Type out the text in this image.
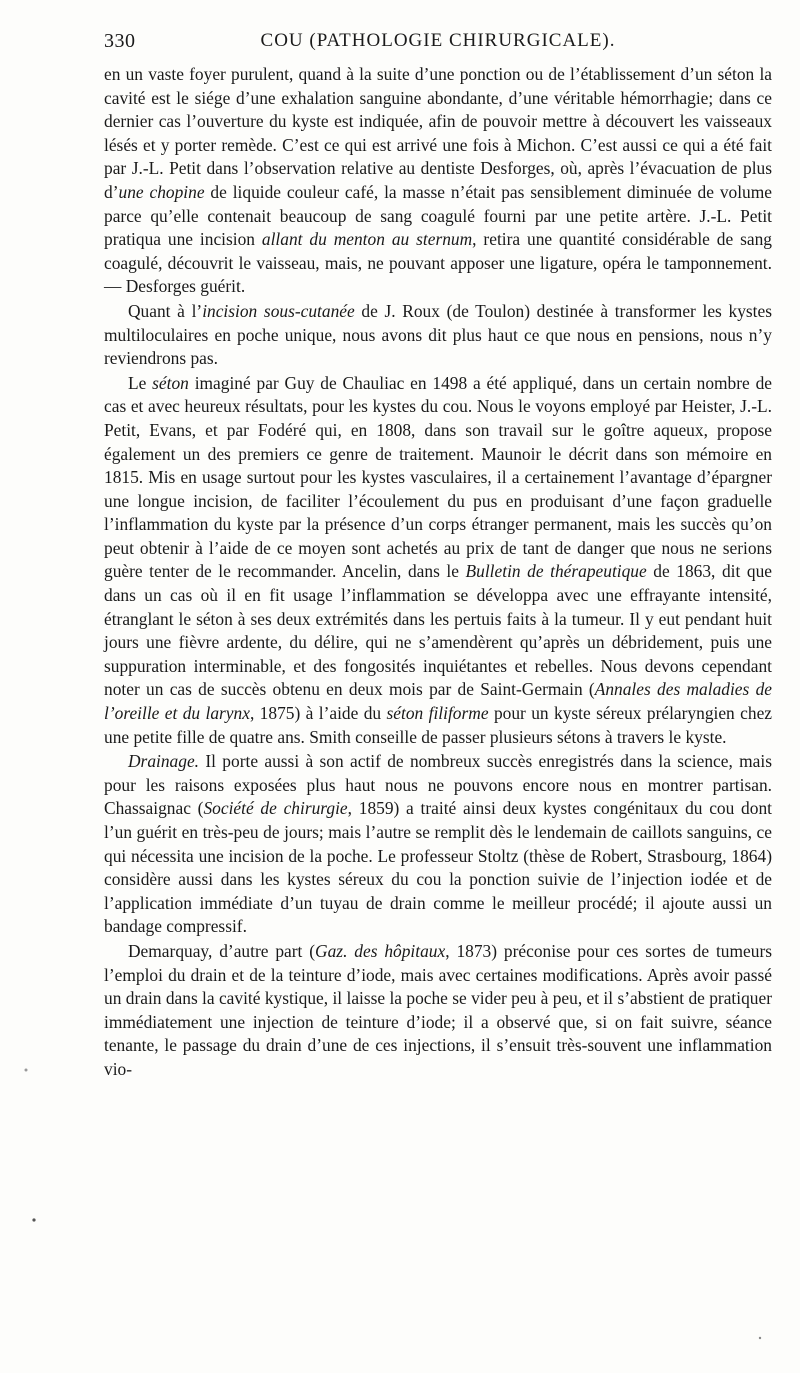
330	COU (PATHOLOGIE CHIRURGICALE).

en un vaste foyer purulent, quand à la suite d’une ponction ou de l’établissement d’un séton la cavité est le siége d’une exhalation sanguine abondante, d’une véritable hémorrhagie; dans ce dernier cas l’ouverture du kyste est indiquée, afin de pouvoir mettre à découvert les vaisseaux lésés et y porter remède. C’est ce qui est arrivé une fois à Michon. C’est aussi ce qui a été fait par J.-L. Petit dans l’observation relative au dentiste Desforges, où, après l’évacuation de plus d’une chopine de liquide couleur café, la masse n’était pas sensiblement diminuée de volume parce qu’elle contenait beaucoup de sang coagulé fourni par une petite artère. J.-L. Petit pratiqua une incision allant du menton au sternum, retira une quantité considérable de sang coagulé, découvrit le vaisseau, mais, ne pouvant apposer une ligature, opéra le tamponnement. — Desforges guérit.

Quant à l’incision sous-cutanée de J. Roux (de Toulon) destinée à transformer les kystes multiloculaires en poche unique, nous avons dit plus haut ce que nous en pensions, nous n’y reviendrons pas.

Le séton imaginé par Guy de Chauliac en 1498 a été appliqué, dans un certain nombre de cas et avec heureux résultats, pour les kystes du cou. Nous le voyons employé par Heister, J.-L. Petit, Evans, et par Fodéré qui, en 1808, dans son travail sur le goître aqueux, propose également un des premiers ce genre de traitement. Maunoir le décrit dans son mémoire en 1815. Mis en usage surtout pour les kystes vasculaires, il a certainement l’avantage d’épargner une longue incision, de faciliter l’écoulement du pus en produisant d’une façon graduelle l’inflammation du kyste par la présence d’un corps étranger permanent, mais les succès qu’on peut obtenir à l’aide de ce moyen sont achetés au prix de tant de danger que nous ne serions guère tenter de le recommander. Ancelin, dans le Bulletin de thérapeutique de 1863, dit que dans un cas où il en fit usage l’inflammation se développa avec une effrayante intensité, étranglant le séton à ses deux extrémités dans les pertuis faits à la tumeur. Il y eut pendant huit jours une fièvre ardente, du délire, qui ne s’amendèrent qu’après un débridement, puis une suppuration interminable, et des fongosités inquiétantes et rebelles. Nous devons cependant noter un cas de succès obtenu en deux mois par de Saint-Germain (Annales des maladies de l’oreille et du larynx, 1875) à l’aide du séton filiforme pour un kyste séreux prélaryngien chez une petite fille de quatre ans. Smith conseille de passer plusieurs sétons à travers le kyste.

Drainage. Il porte aussi à son actif de nombreux succès enregistrés dans la science, mais pour les raisons exposées plus haut nous ne pouvons encore nous en montrer partisan. Chassaignac (Société de chirurgie, 1859) a traité ainsi deux kystes congénitaux du cou dont l’un guérit en très-peu de jours; mais l’autre se remplit dès le lendemain de caillots sanguins, ce qui nécessita une incision de la poche. Le professeur Stoltz (thèse de Robert, Strasbourg, 1864) considère aussi dans les kystes séreux du cou la ponction suivie de l’injection iodée et de l’application immédiate d’un tuyau de drain comme le meilleur procédé; il ajoute aussi un bandage compressif.

Demarquay, d’autre part (Gaz. des hôpitaux, 1873) préconise pour ces sortes de tumeurs l’emploi du drain et de la teinture d’iode, mais avec certaines modifications. Après avoir passé un drain dans la cavité kystique, il laisse la poche se vider peu à peu, et il s’abstient de pratiquer immédiatement une injection de teinture d’iode; il a observé que, si on fait suivre, séance tenante, le passage du drain d’une de ces injections, il s’ensuit très-souvent une inflammation vio-
